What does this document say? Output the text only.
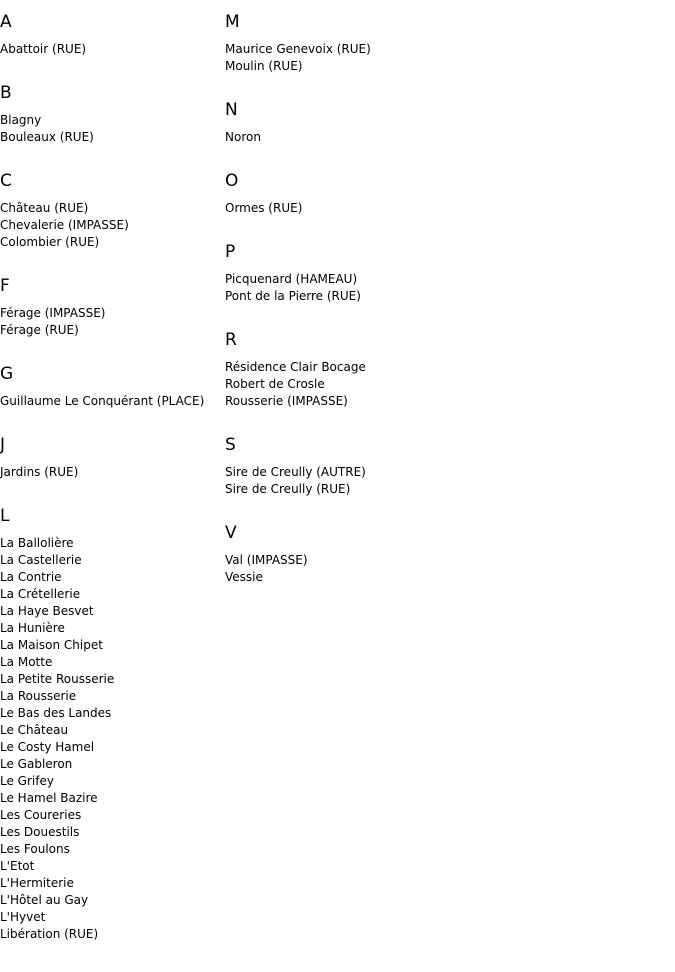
A
Abattoir (RUE)
B
Blagny
Bouleaux (RUE)
C
Château (RUE)
Chevalerie (IMPASSE)
Colombier (RUE)
F
Férage (IMPASSE)
Férage (RUE)
G
Guillaume Le Conquérant (PLACE)
J
Jardins (RUE)
L
La Ballolière
La Castellerie
La Contrie
La Crétellerie
La Haye Besvet
La Hunière
La Maison Chipet
La Motte
La Petite Rousserie
La Rousserie
Le Bas des Landes
Le Château
Le Costy Hamel
Le Gableron
Le Grifey
Le Hamel Bazire
Les Coureries
Les Douestils
Les Foulons
L'Etot
L'Hermiterie
L'Hôtel au Gay
L'Hyvet
Libération (RUE)
M
Maurice Genevoix (RUE)
Moulin (RUE)
N
Noron
O
Ormes (RUE)
P
Picquenard (HAMEAU)
Pont de la Pierre (RUE)
R
Résidence Clair Bocage
Robert de Crosle
Rousserie (IMPASSE)
S
Sire de Creully (AUTRE)
Sire de Creully (RUE)
V
Val (IMPASSE)
Vessie
